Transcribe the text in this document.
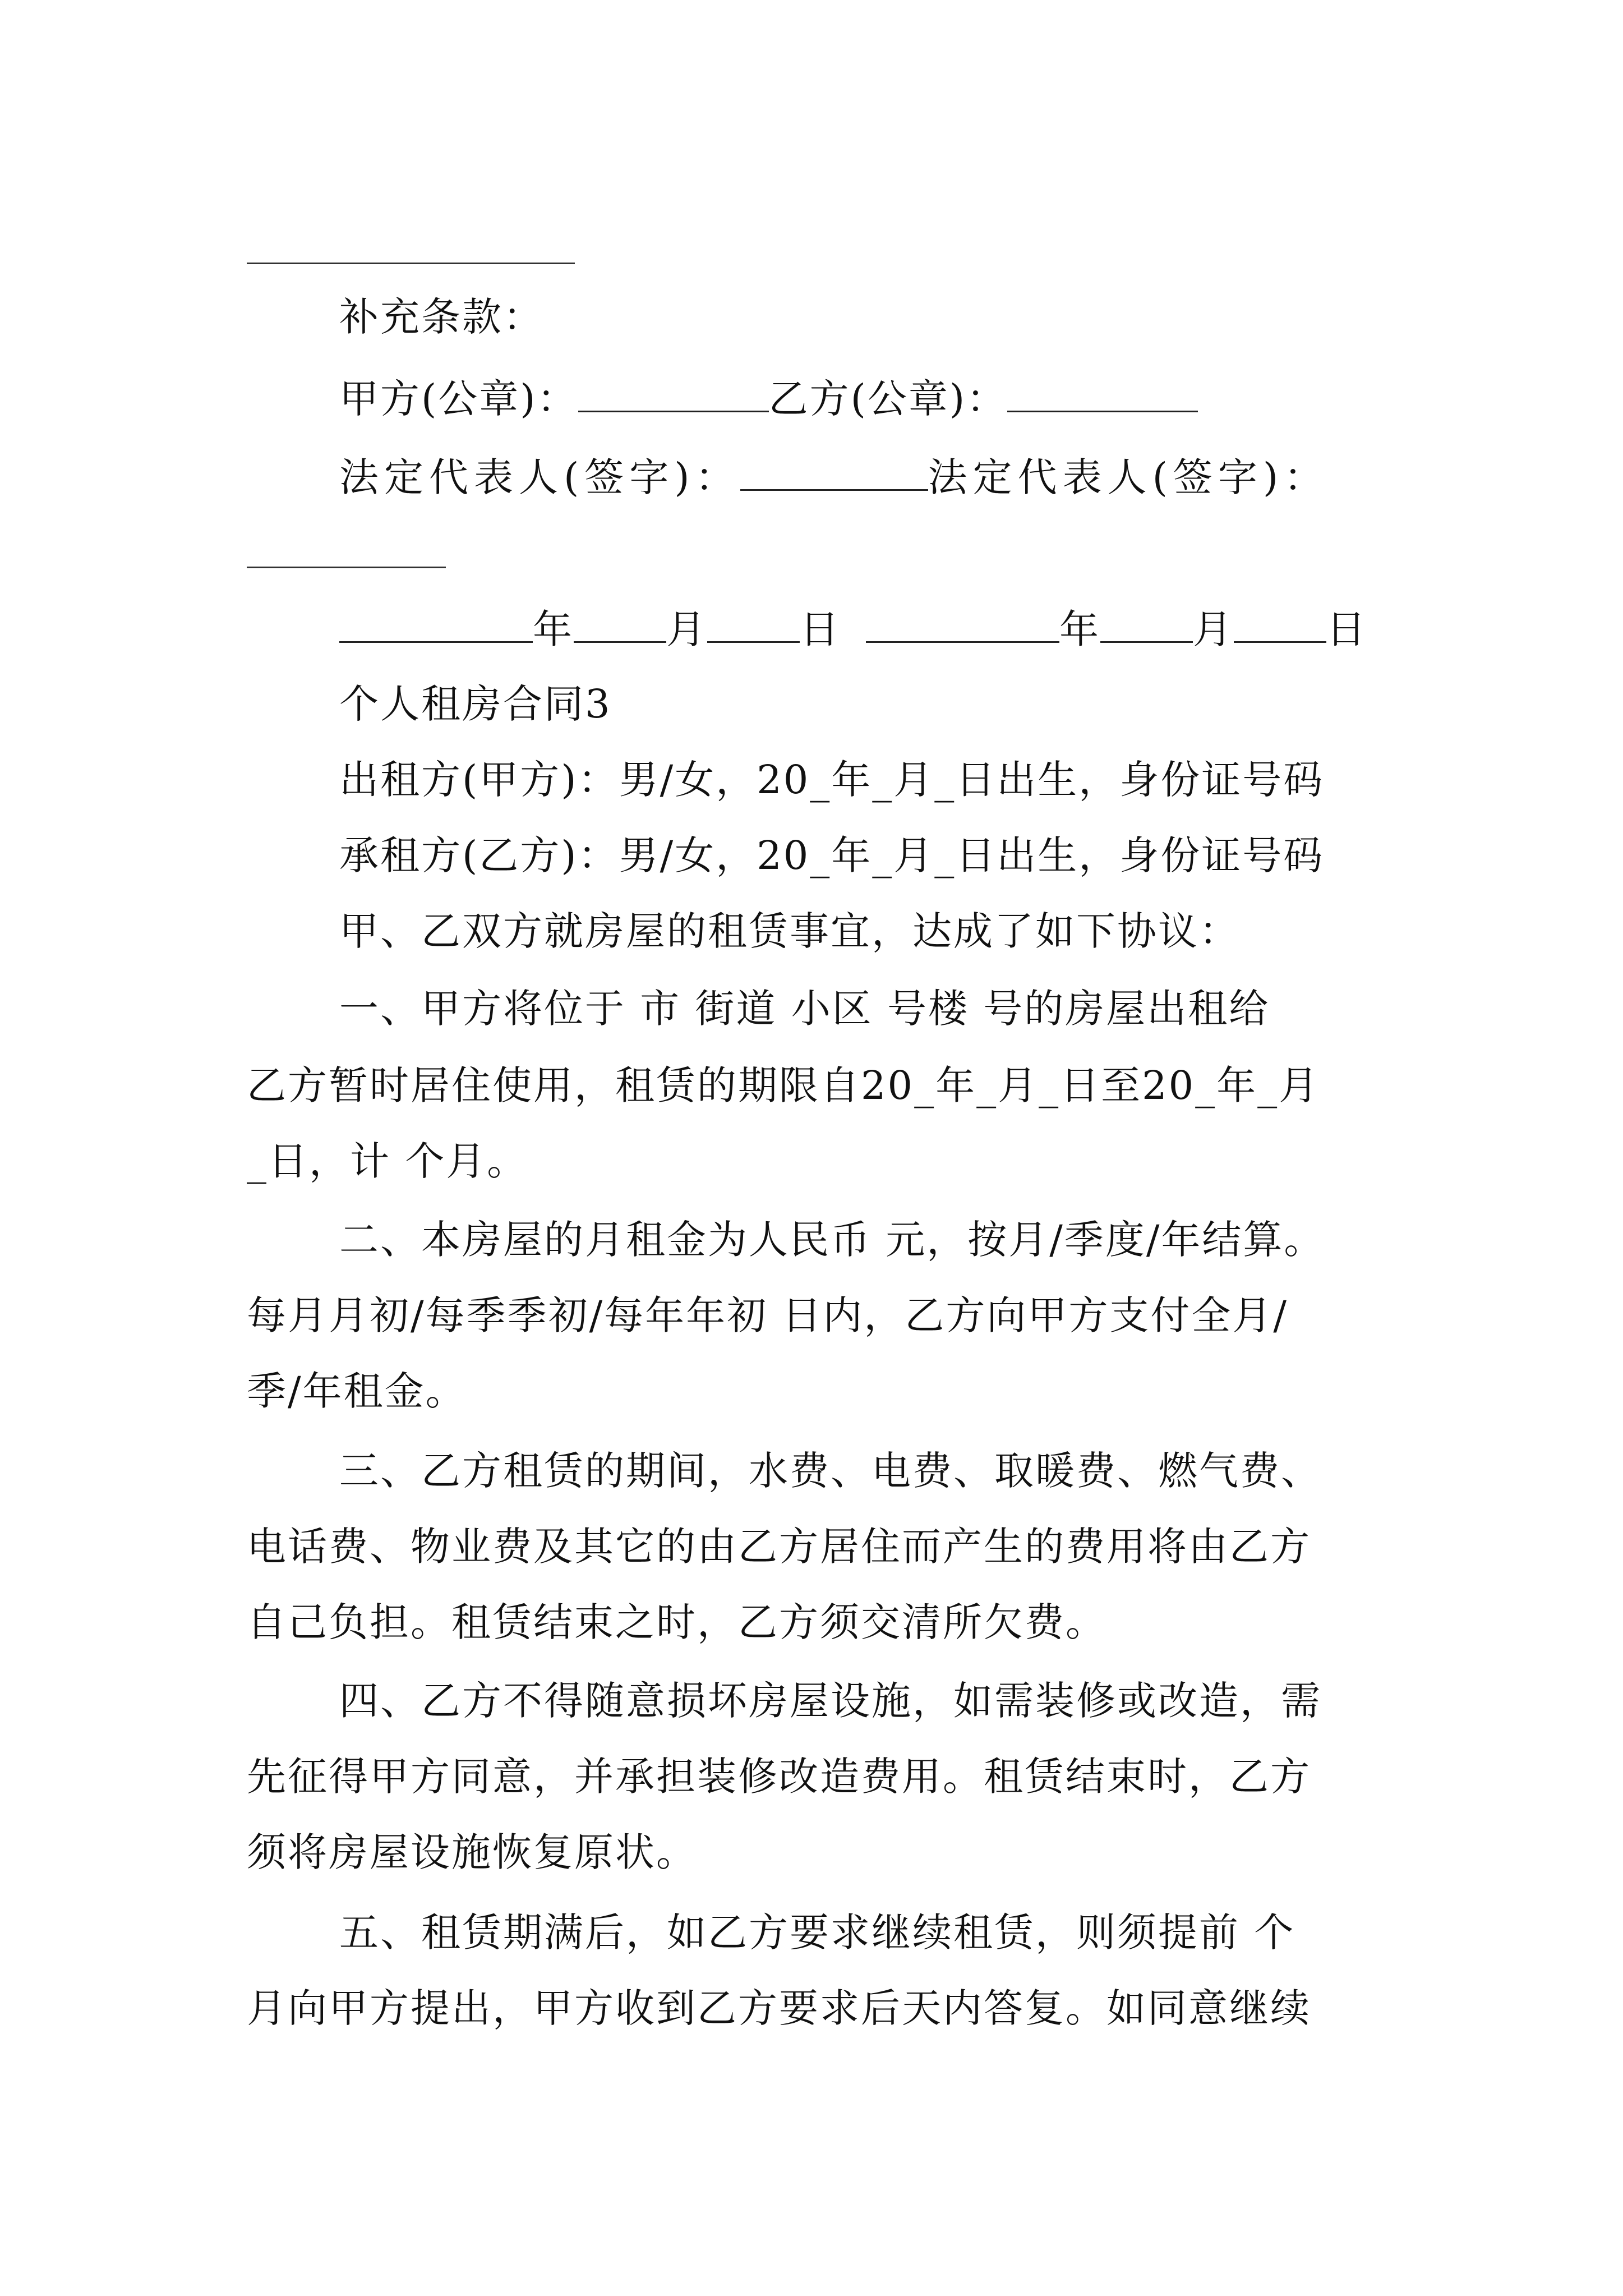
补充条款：
甲方(公章)：	乙方(公章)：
法定代表人(签字)：	法定代表人(签字)：
年 月 日	年 月 日
个人租房合同3
出租方(甲方)：男/女，20_年_月_日出生，身份证号码
承租方(乙方)：男/女，20_年_月_日出生，身份证号码
甲、乙双方就房屋的租赁事宜，达成了如下协议：
一、甲方将位于 市 街道 小区 号楼 号的房屋出租给
乙方暂时居住使用，租赁的期限自20_年_月_日至20_年_月
_日，计 个月。
二、本房屋的月租金为人民币 元，按月/季度/年结算。
每月月初/每季季初/每年年初 日内，乙方向甲方支付全月/
季/年租金。
三、乙方租赁的期间，水费、电费、取暖费、燃气费、
电话费、物业费及其它的由乙方居住而产生的费用将由乙方
自己负担。租赁结束之时，乙方须交清所欠费。
四、乙方不得随意损坏房屋设施，如需装修或改造，需
先征得甲方同意，并承担装修改造费用。租赁结束时，乙方
须将房屋设施恢复原状。
五、租赁期满后，如乙方要求继续租赁，则须提前 个
月向甲方提出，甲方收到乙方要求后天内答复。如同意继续
